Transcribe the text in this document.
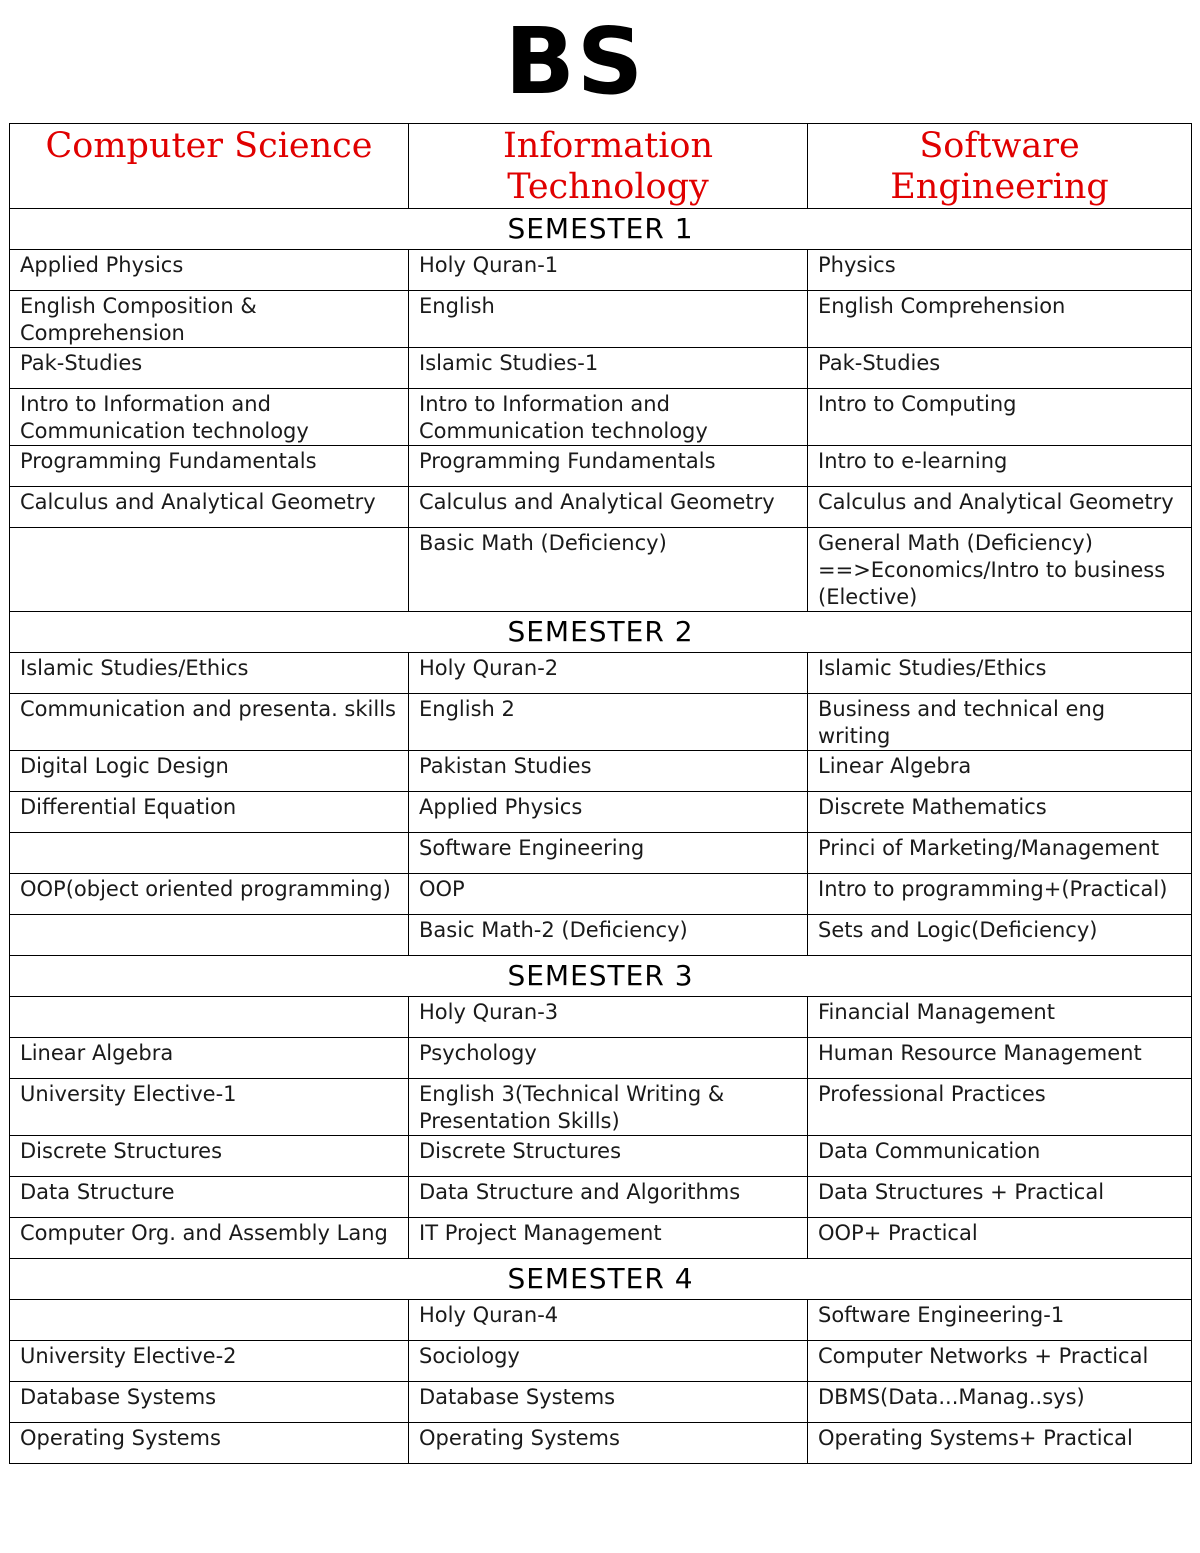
BS
Computer Science	Information Technology	Software Engineering
SEMESTER 1		
Applied Physics	Holy Quran-1	Physics
English Composition & Comprehension	English	English Comprehension
Pak-Studies	Islamic Studies-1	Pak-Studies
Intro to Information and Communication technology	Intro to Information and Communication technology	Intro to Computing
Programming Fundamentals	Programming Fundamentals	Intro to e-learning
Calculus and Analytical Geometry	Calculus and Analytical Geometry	Calculus and Analytical Geometry
	Basic Math (Deficiency)	General Math (Deficiency) ==>Economics/Intro to business (Elective)
SEMESTER 2		
Islamic Studies/Ethics	Holy Quran-2	Islamic Studies/Ethics
Communication and presenta. skills	English 2	Business and technical eng writing
Digital Logic Design	Pakistan Studies	Linear Algebra
Differential Equation	Applied Physics	Discrete Mathematics
	Software Engineering	Princi of Marketing/Management
OOP(object oriented programming)	OOP	Intro to programming+(Practical)
	Basic Math-2 (Deficiency)	Sets and Logic(Deficiency)
SEMESTER 3		
	Holy Quran-3	Financial Management
Linear Algebra	Psychology	Human Resource Management
University Elective-1	English 3(Technical Writing & Presentation Skills)	Professional Practices
Discrete Structures	Discrete Structures	Data Communication
Data Structure	Data Structure and Algorithms	Data Structures + Practical
Computer Org. and Assembly Lang	IT Project Management	OOP+ Practical
SEMESTER 4		
	Holy Quran-4	Software Engineering-1
University Elective-2	Sociology	Computer Networks + Practical
Database Systems	Database Systems	DBMS(Data...Manag..sys)
Operating Systems	Operating Systems	Operating Systems+ Practical
